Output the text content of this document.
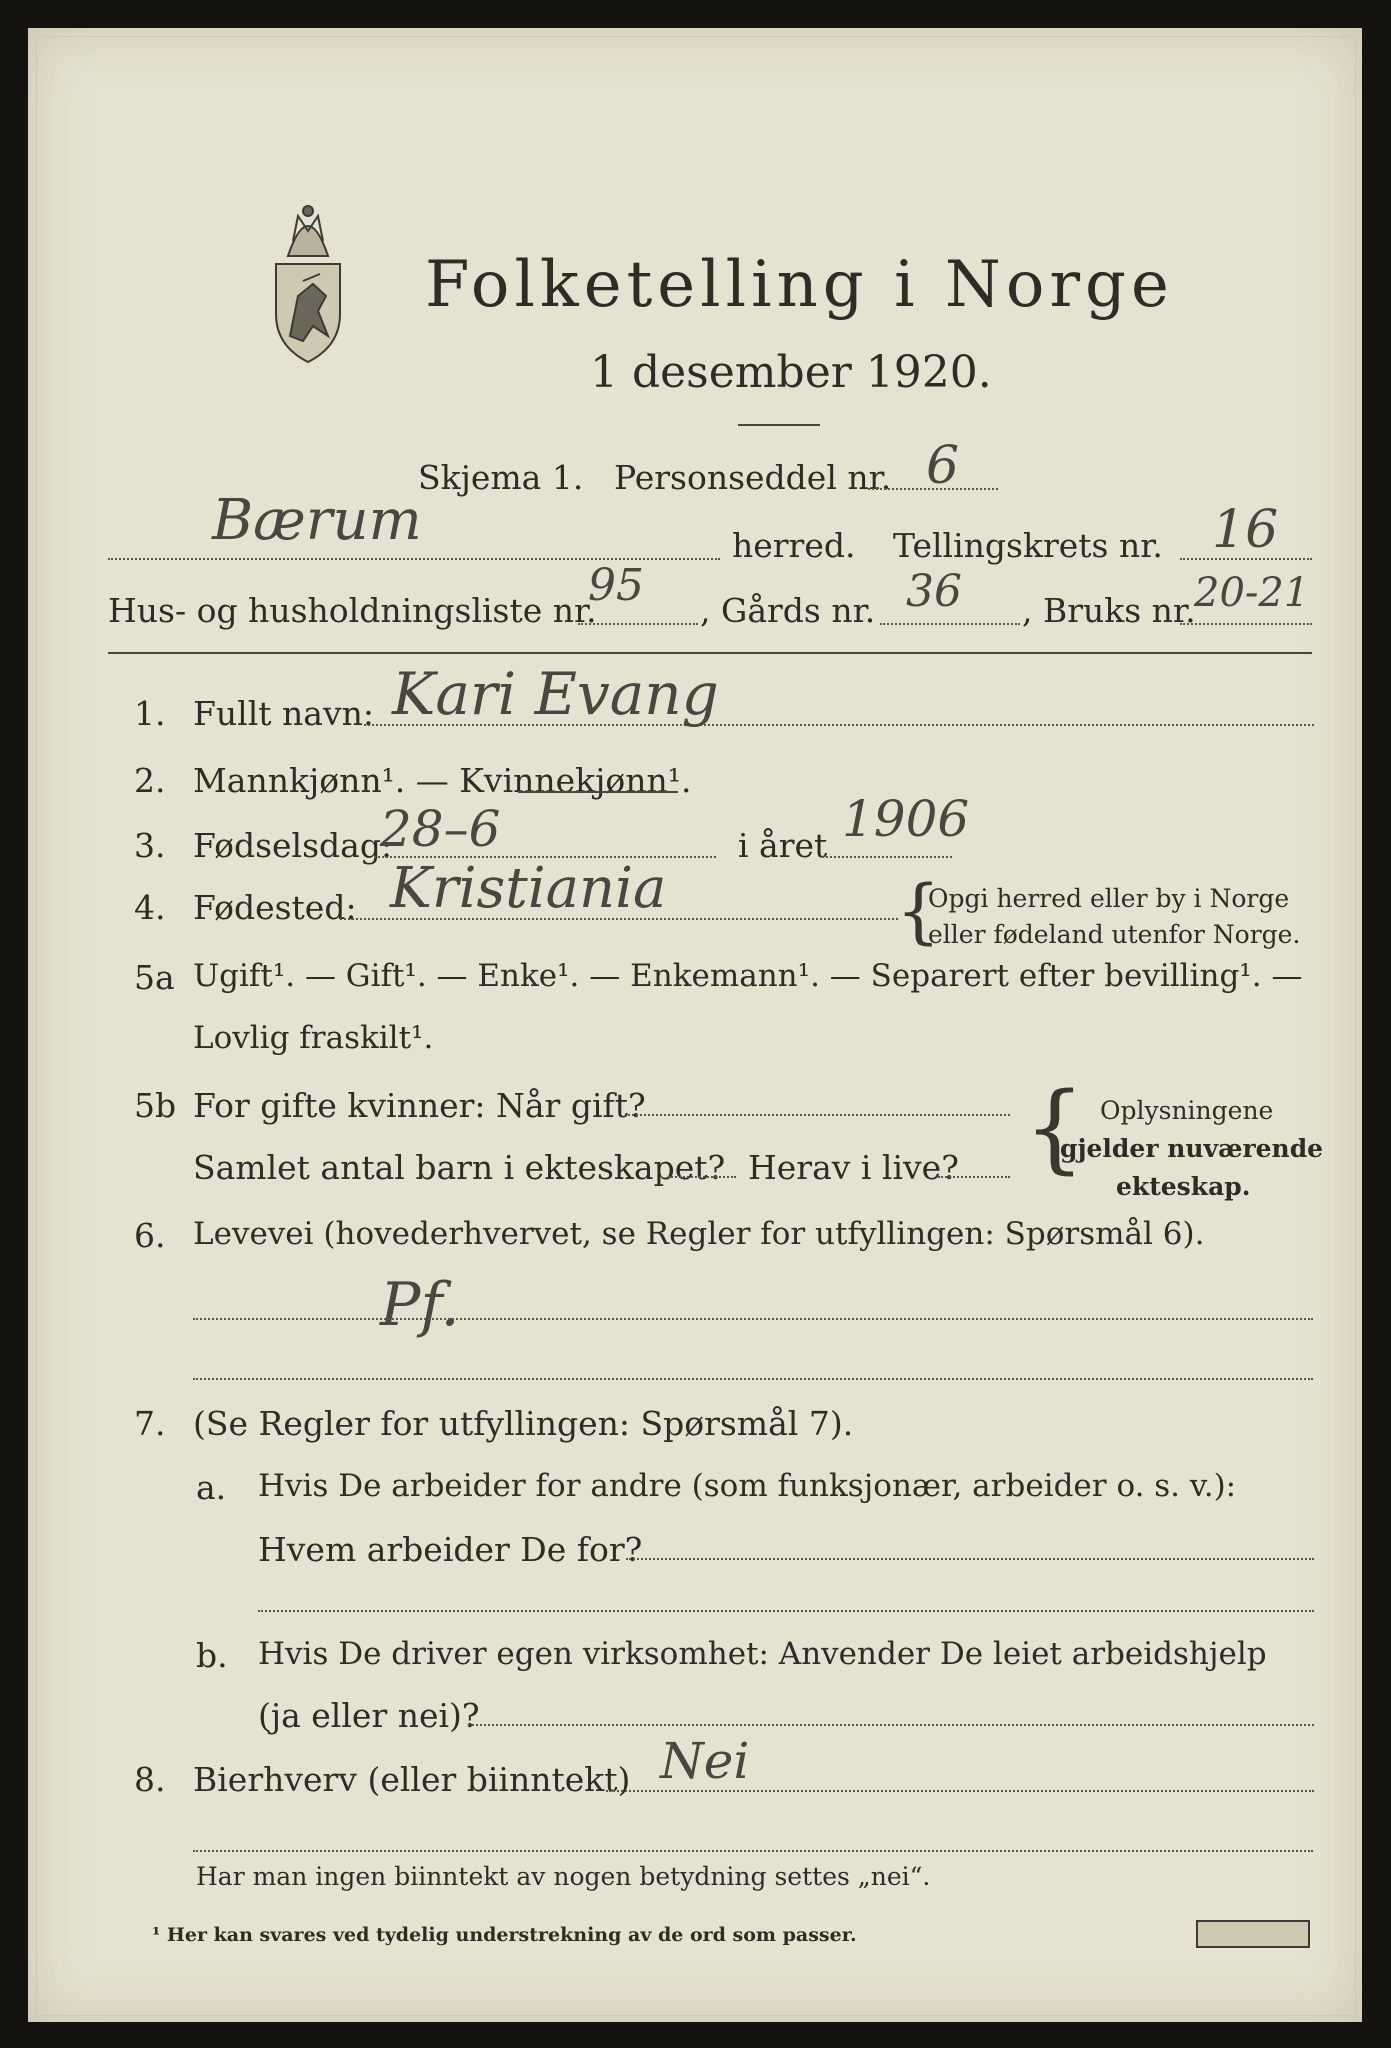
Folketelling i Norge
1 desember 1920.
Skjema 1. Personseddel nr. 6
Bærum	herred. Tellingskrets nr. 16
Hus- og husholdningsliste nr.
95 , Gårds nr. 36 , Bruks nr.
20-21
1. Fullt navn: Kari Evang
2. Mannkjønn¹. — Kvinnekjønn¹.
3. Fødselsdag:
28–6	i året 1906
4. Fødested: Kristiania	{
Opgi herred eller by i Norge
eller fødeland utenfor Norge.
5a Ugift¹. — Gift¹. — Enke¹. — Enkemann¹. — Separert efter bevilling¹. —
Lovlig fraskilt¹.
5b For gifte kvinner: Når gift?
Samlet antal barn i ekteskapet? Herav i live? { Oplysningene
gjelder nuværende
ekteskap.
6. Levevei (hovederhvervet, se Regler for utfyllingen: Spørsmål 6).
Pf.
7. (Se Regler for utfyllingen: Spørsmål 7).
a. Hvis De arbeider for andre (som funksjonær, arbeider o. s. v.):
Hvem arbeider De for?
b. Hvis De driver egen virksomhet: Anvender De leiet arbeidshjelp
(ja eller nei)?
8. Bierhverv (eller biinntekt) Nei
Har man ingen biinntekt av nogen betydning settes „nei“.
¹ Her kan svares ved tydelig understrekning av de ord som passer.
